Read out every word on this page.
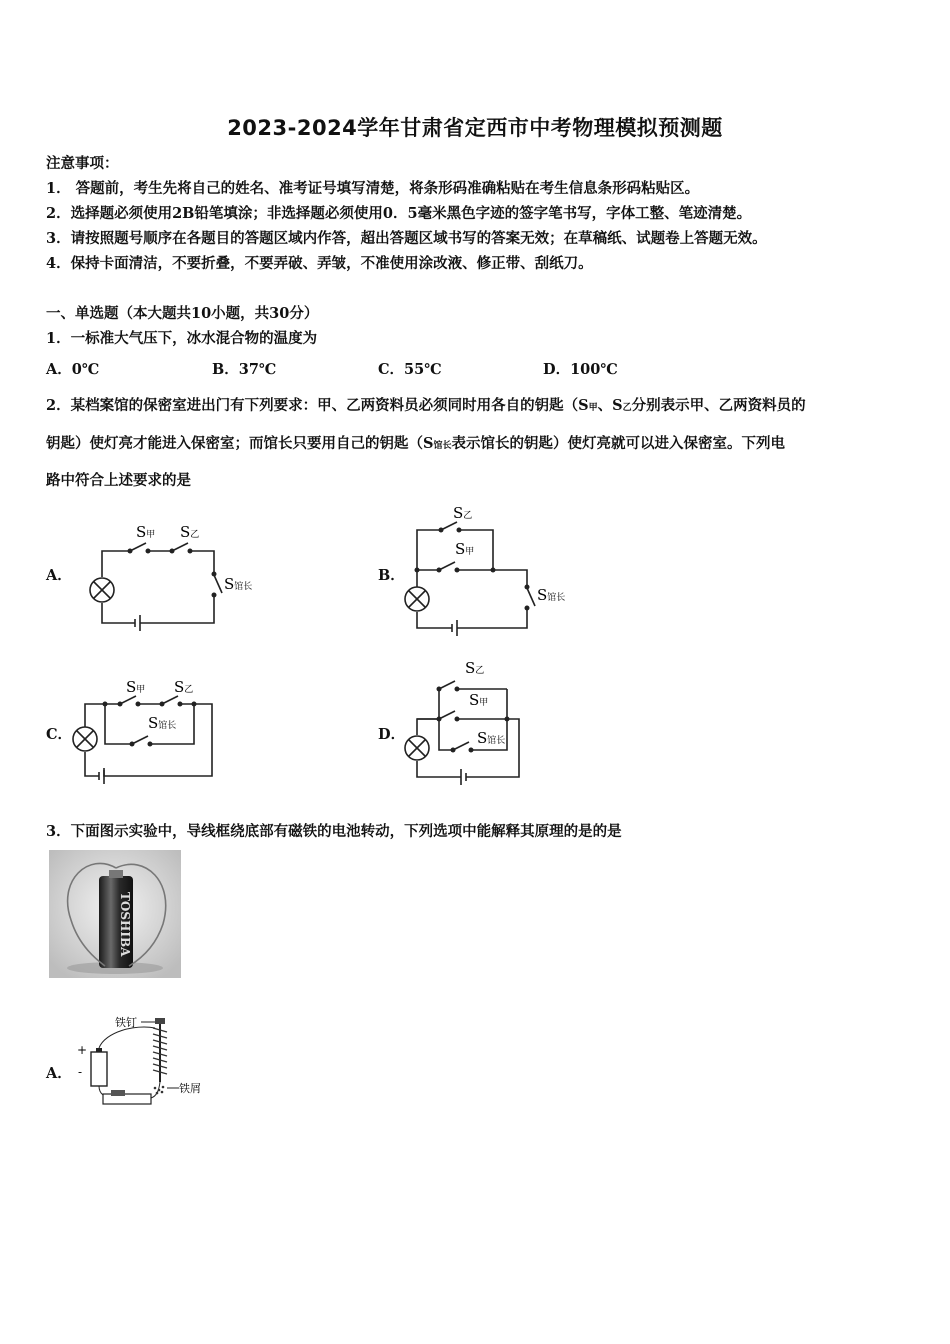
2023-2024学年甘肃省定西市中考物理模拟预测题
注意事项：
1． 答题前，考生先将自己的姓名、准考证号填写清楚，将条形码准确粘贴在考生信息条形码粘贴区。
2．选择题必须使用2B铅笔填涂；非选择题必须使用0．5毫米黑色字迹的签字笔书写，字体工整、笔迹清楚。
3．请按照题号顺序在各题目的答题区域内作答，超出答题区域书写的答案无效；在草稿纸、试题卷上答题无效。
4．保持卡面清洁，不要折叠，不要弄破、弄皱，不准使用涂改液、修正带、刮纸刀。
一、单选题（本大题共10小题，共30分）
1．一标准大气压下，冰水混合物的温度为
A．0℃	B．37℃	C．55℃	D．100℃
2．某档案馆的保密室进出门有下列要求：甲、乙两资料员必须同时用各自的钥匙（S甲、S乙分别表示甲、乙两资料员的
钥匙）使灯亮才能进入保密室；而馆长只要用自己的钥匙（S馆长表示馆长的钥匙）使灯亮就可以进入保密室。下列电
路中符合上述要求的是
A．	B．
C．	D．
S甲 S乙
S馆长
S乙
S甲
S馆长
S甲 S乙
S馆长
S乙
S甲
S馆长
3．下面图示实验中，导线框绕底部有磁铁的电池转动，下列选项中能解释其原理的是的是
TOSHIBA
A．
铁钉
+
-
铁屑
